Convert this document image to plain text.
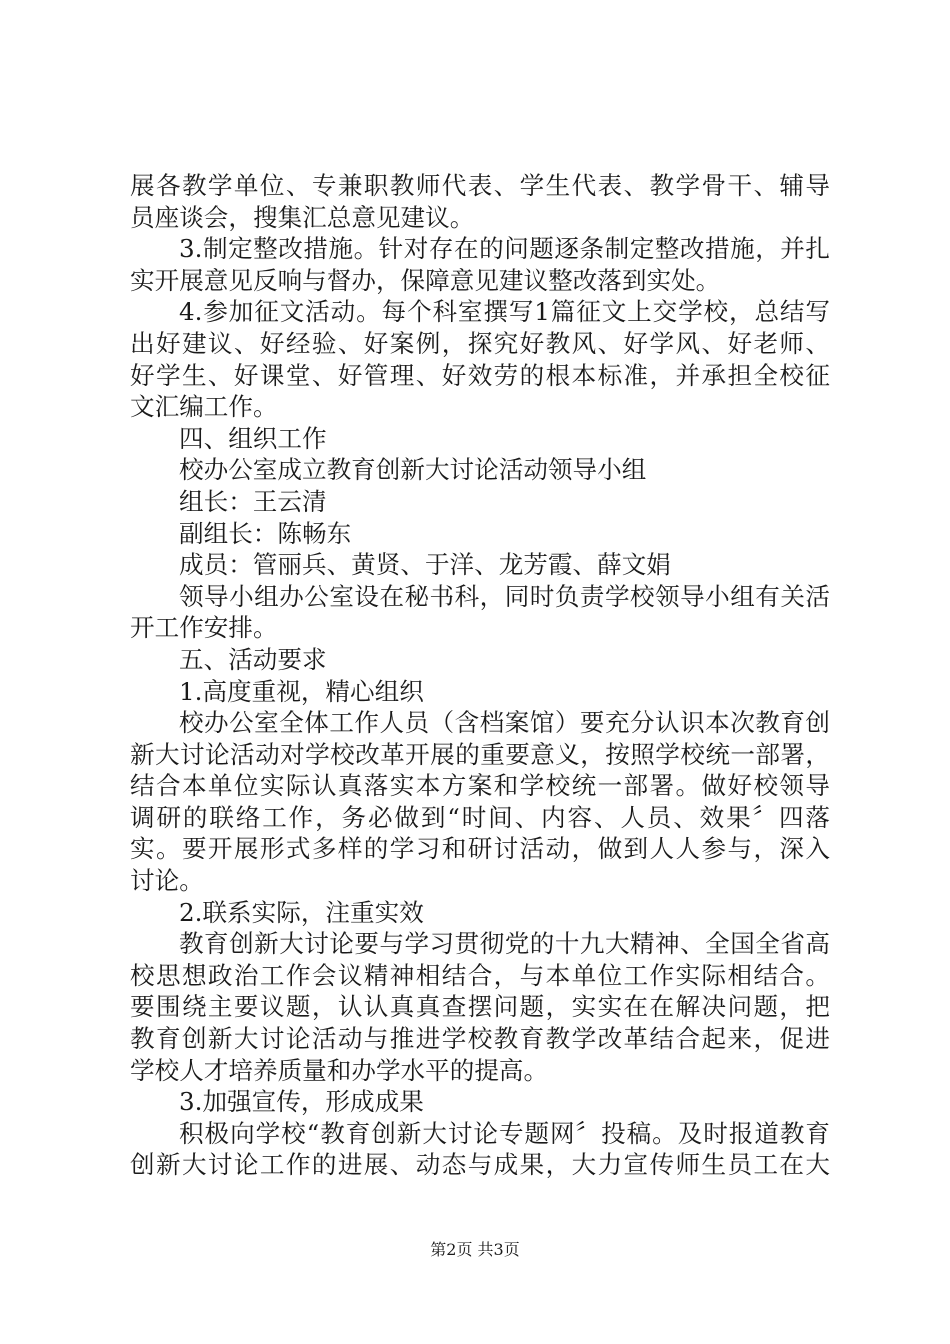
展各教学单位、专兼职教师代表、学生代表、教学骨干、辅导
员座谈会，搜集汇总意见建议。
3.制定整改措施。针对存在的问题逐条制定整改措施，并扎
实开展意见反响与督办，保障意见建议整改落到实处。
4.参加征文活动。每个科室撰写1篇征文上交学校，总结写
出好建议、好经验、好案例，探究好教风、好学风、好老师、
好学生、好课堂、好管理、好效劳的根本标准，并承担全校征
文汇编工作。
四、组织工作
校办公室成立教育创新大讨论活动领导小组
组长：王云清
副组长：陈畅东
成员：管丽兵、黄贤、于洋、龙芳霞、薛文娟
领导小组办公室设在秘书科，同时负责学校领导小组有关活
开工作安排。
五、活动要求
1.高度重视，精心组织
校办公室全体工作人员（含档案馆）要充分认识本次教育创
新大讨论活动对学校改革开展的重要意义，按照学校统一部署，
结合本单位实际认真落实本方案和学校统一部署。做好校领导
调研的联络工作，务必做到“时间、内容、人员、效果〞四落
实。要开展形式多样的学习和研讨活动，做到人人参与，深入
讨论。
2.联系实际，注重实效
教育创新大讨论要与学习贯彻党的十九大精神、全国全省高
校思想政治工作会议精神相结合，与本单位工作实际相结合。
要围绕主要议题，认认真真查摆问题，实实在在解决问题，把
教育创新大讨论活动与推进学校教育教学改革结合起来，促进
学校人才培养质量和办学水平的提高。
3.加强宣传，形成成果
积极向学校“教育创新大讨论专题网〞投稿。及时报道教育
创新大讨论工作的进展、动态与成果，大力宣传师生员工在大
第2页 共3页
